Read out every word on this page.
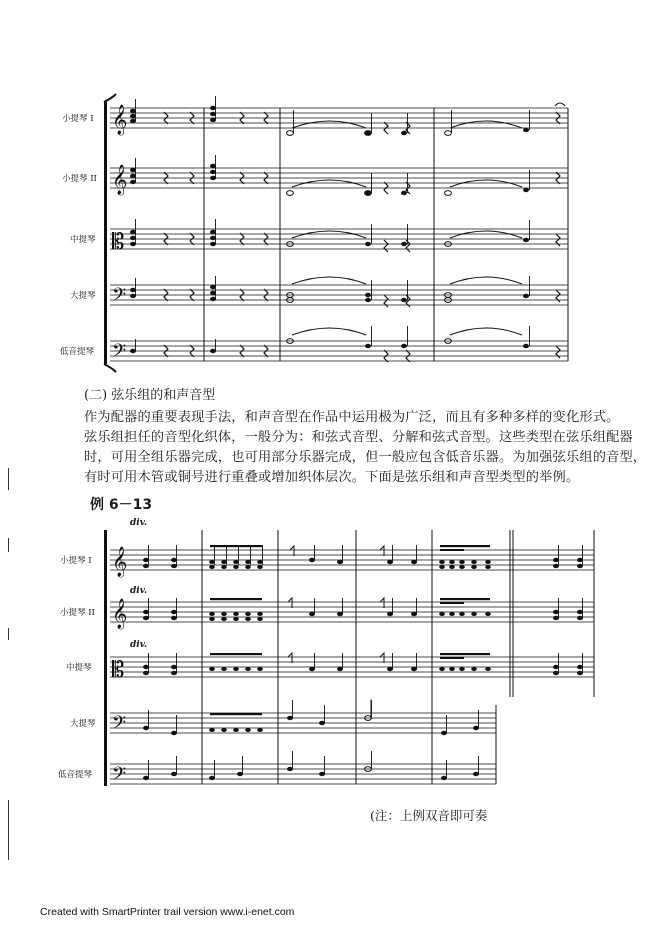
𝄞
𝄞
𝄡
𝄢
𝄢
𝄞
𝄞
𝄡
𝄢
𝄢

小提琴 I

小提琴 II

中提琴

大提琴

低音提琴

(二) 弦乐组的和声音型

作为配器的重要表现手法，和声音型在作品中运用极为广泛，而且有多种多样的变化形式。

弦乐组担任的音型化织体，一般分为：和弦式音型、分解和弦式音型。这些类型在弦乐组配器

时，可用全组乐器完成，也可用部分乐器完成，但一般应包含低音乐器。为加强弦乐组的音型，

有时可用木管或铜号进行重叠或增加织体层次。下面是弦乐组和声音型类型的举例。

例 6－13

div.

div.

div.

小提琴 I

小提琴 II

中提琴

大提琴

低音提琴

(注：上例双音即可奏

Created with SmartPrinter trail version www.i-enet.com
